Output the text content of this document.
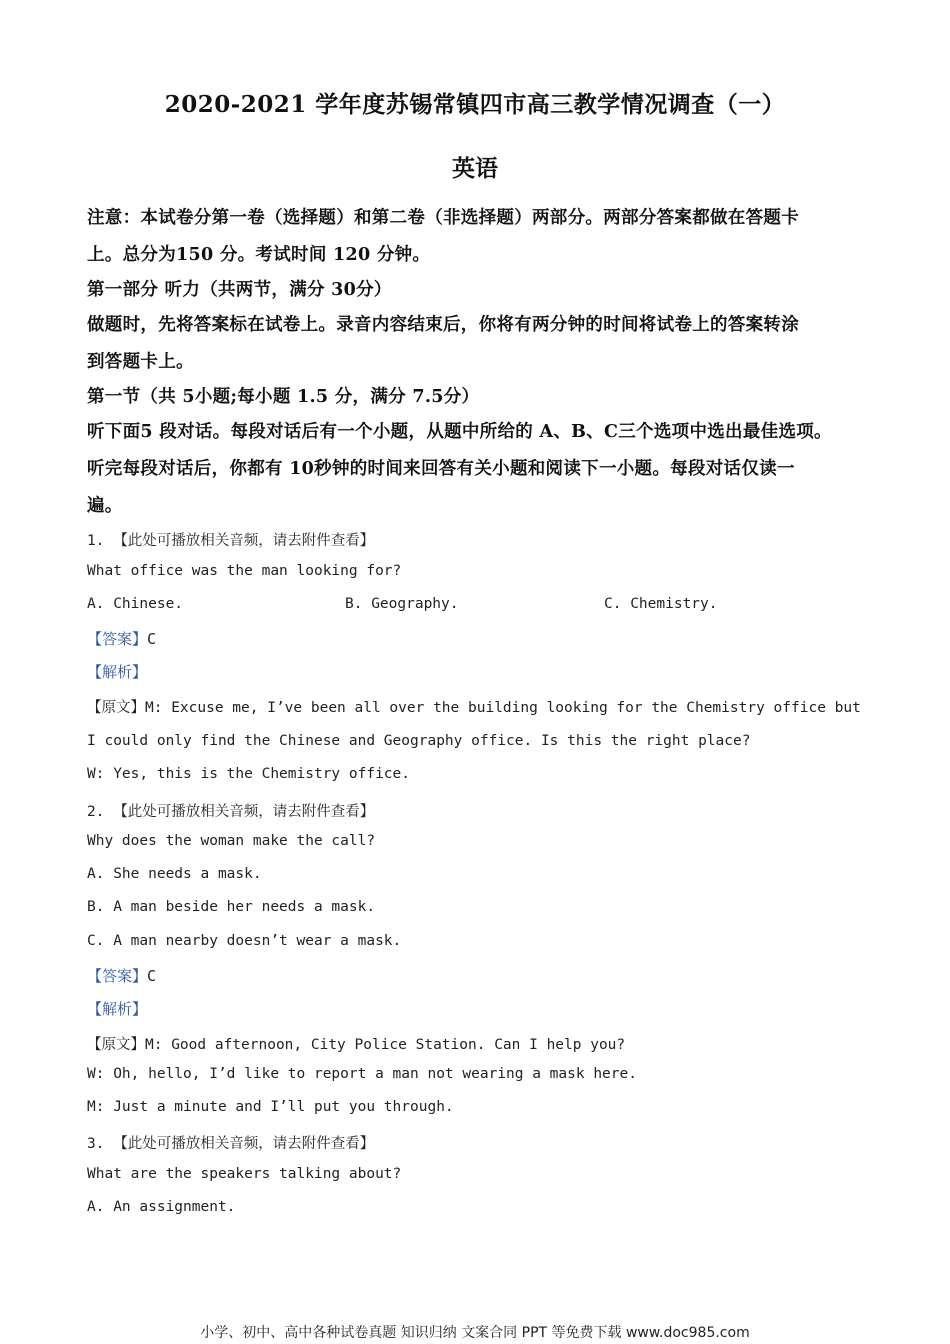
2020-2021 学年度苏锡常镇四市高三教学情况调查（一）
英语
注意：本试卷分第一卷（选择题）和第二卷（非选择题）两部分。两部分答案都做在答题卡
上。总分为150 分。考试时间 120 分钟。
第一部分 听力（共两节，满分 30分）
做题时，先将答案标在试卷上。录音内容结束后，你将有两分钟的时间将试卷上的答案转涂
到答题卡上。
第一节（共 5小题;每小题 1.5 分，满分 7.5分）
听下面5 段对话。每段对话后有一个小题，从题中所给的 A、B、C三个选项中选出最佳选项。
听完每段对话后，你都有 10秒钟的时间来回答有关小题和阅读下一小题。每段对话仅读一
遍。
1. 【此处可播放相关音频，请去附件查看】
What office was the man looking for?
A. Chinese.	B. Geography.	C. Chemistry.
【答案】C
【解析】
【原文】M: Excuse me, I’ve been all over the building looking for the Chemistry office but
I could only find the Chinese and Geography office. Is this the right place?
W: Yes, this is the Chemistry office.
2. 【此处可播放相关音频，请去附件查看】
Why does the woman make the call?
A. She needs a mask.
B. A man beside her needs a mask.
C. A man nearby doesn’t wear a mask.
【答案】C
【解析】
【原文】M: Good afternoon, City Police Station. Can I help you?
W: Oh, hello, I’d like to report a man not wearing a mask here.
M: Just a minute and I’ll put you through.
3. 【此处可播放相关音频，请去附件查看】
What are the speakers talking about?
A. An assignment.
小学、初中、高中各种试卷真题 知识归纳 文案合同 PPT 等免费下载 www.doc985.com
